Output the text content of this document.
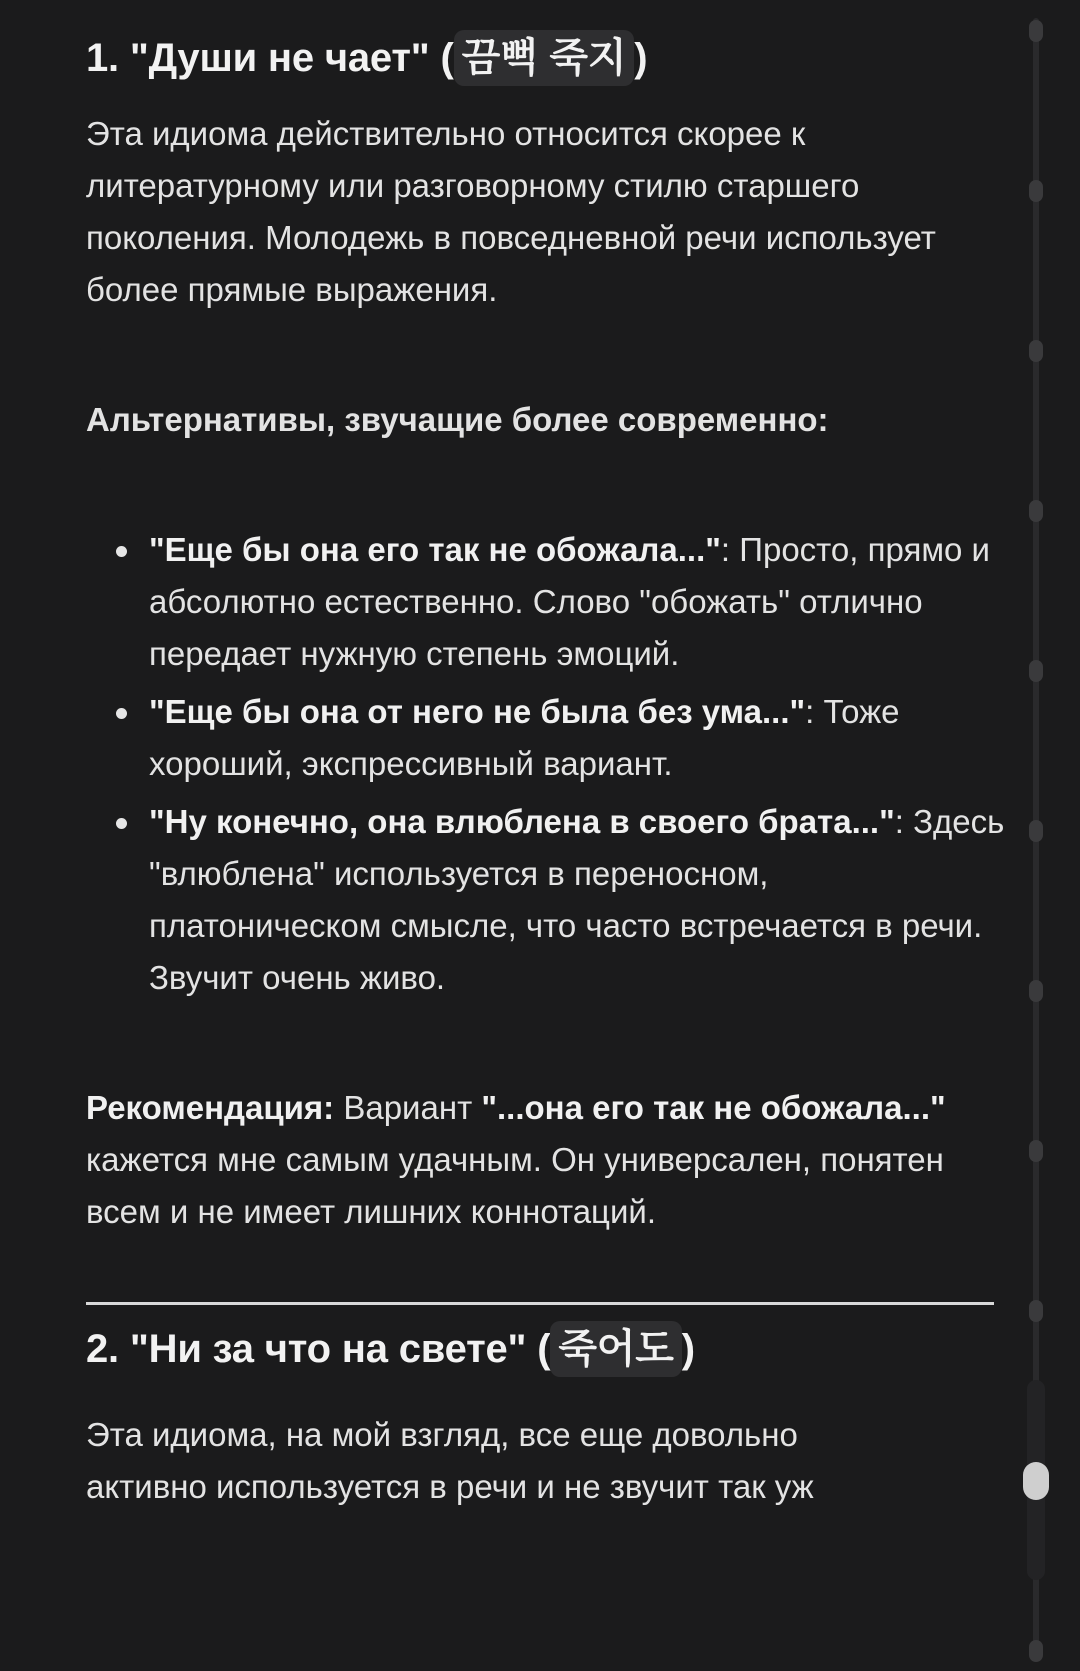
1. "Души не чает" ( 끔뻑 죽지 )

Эта идиома действительно относится скорее к литературному или разговорному стилю старшего поколения. Молодежь в повседневной речи использует более прямые выражения.

Альтернативы, звучащие более современно:

"Еще бы она его так не обожала...": Просто, прямо и абсолютно естественно. Слово "обожать" отлично передает нужную степень эмоций.
"Еще бы она от него не была без ума...": Тоже хороший, экспрессивный вариант.
"Ну конечно, она влюблена в своего брата...": Здесь "влюблена" используется в переносном, платоническом смысле, что часто встречается в речи. Звучит очень живо.

Рекомендация: Вариант "...она его так не обожала..." кажется мне самым удачным. Он универсален, понятен всем и не имеет лишних коннотаций.

2. "Ни за что на свете" ( 죽어도 )

Эта идиома, на мой взгляд, все еще довольно

активно используется в речи и не звучит так уж
